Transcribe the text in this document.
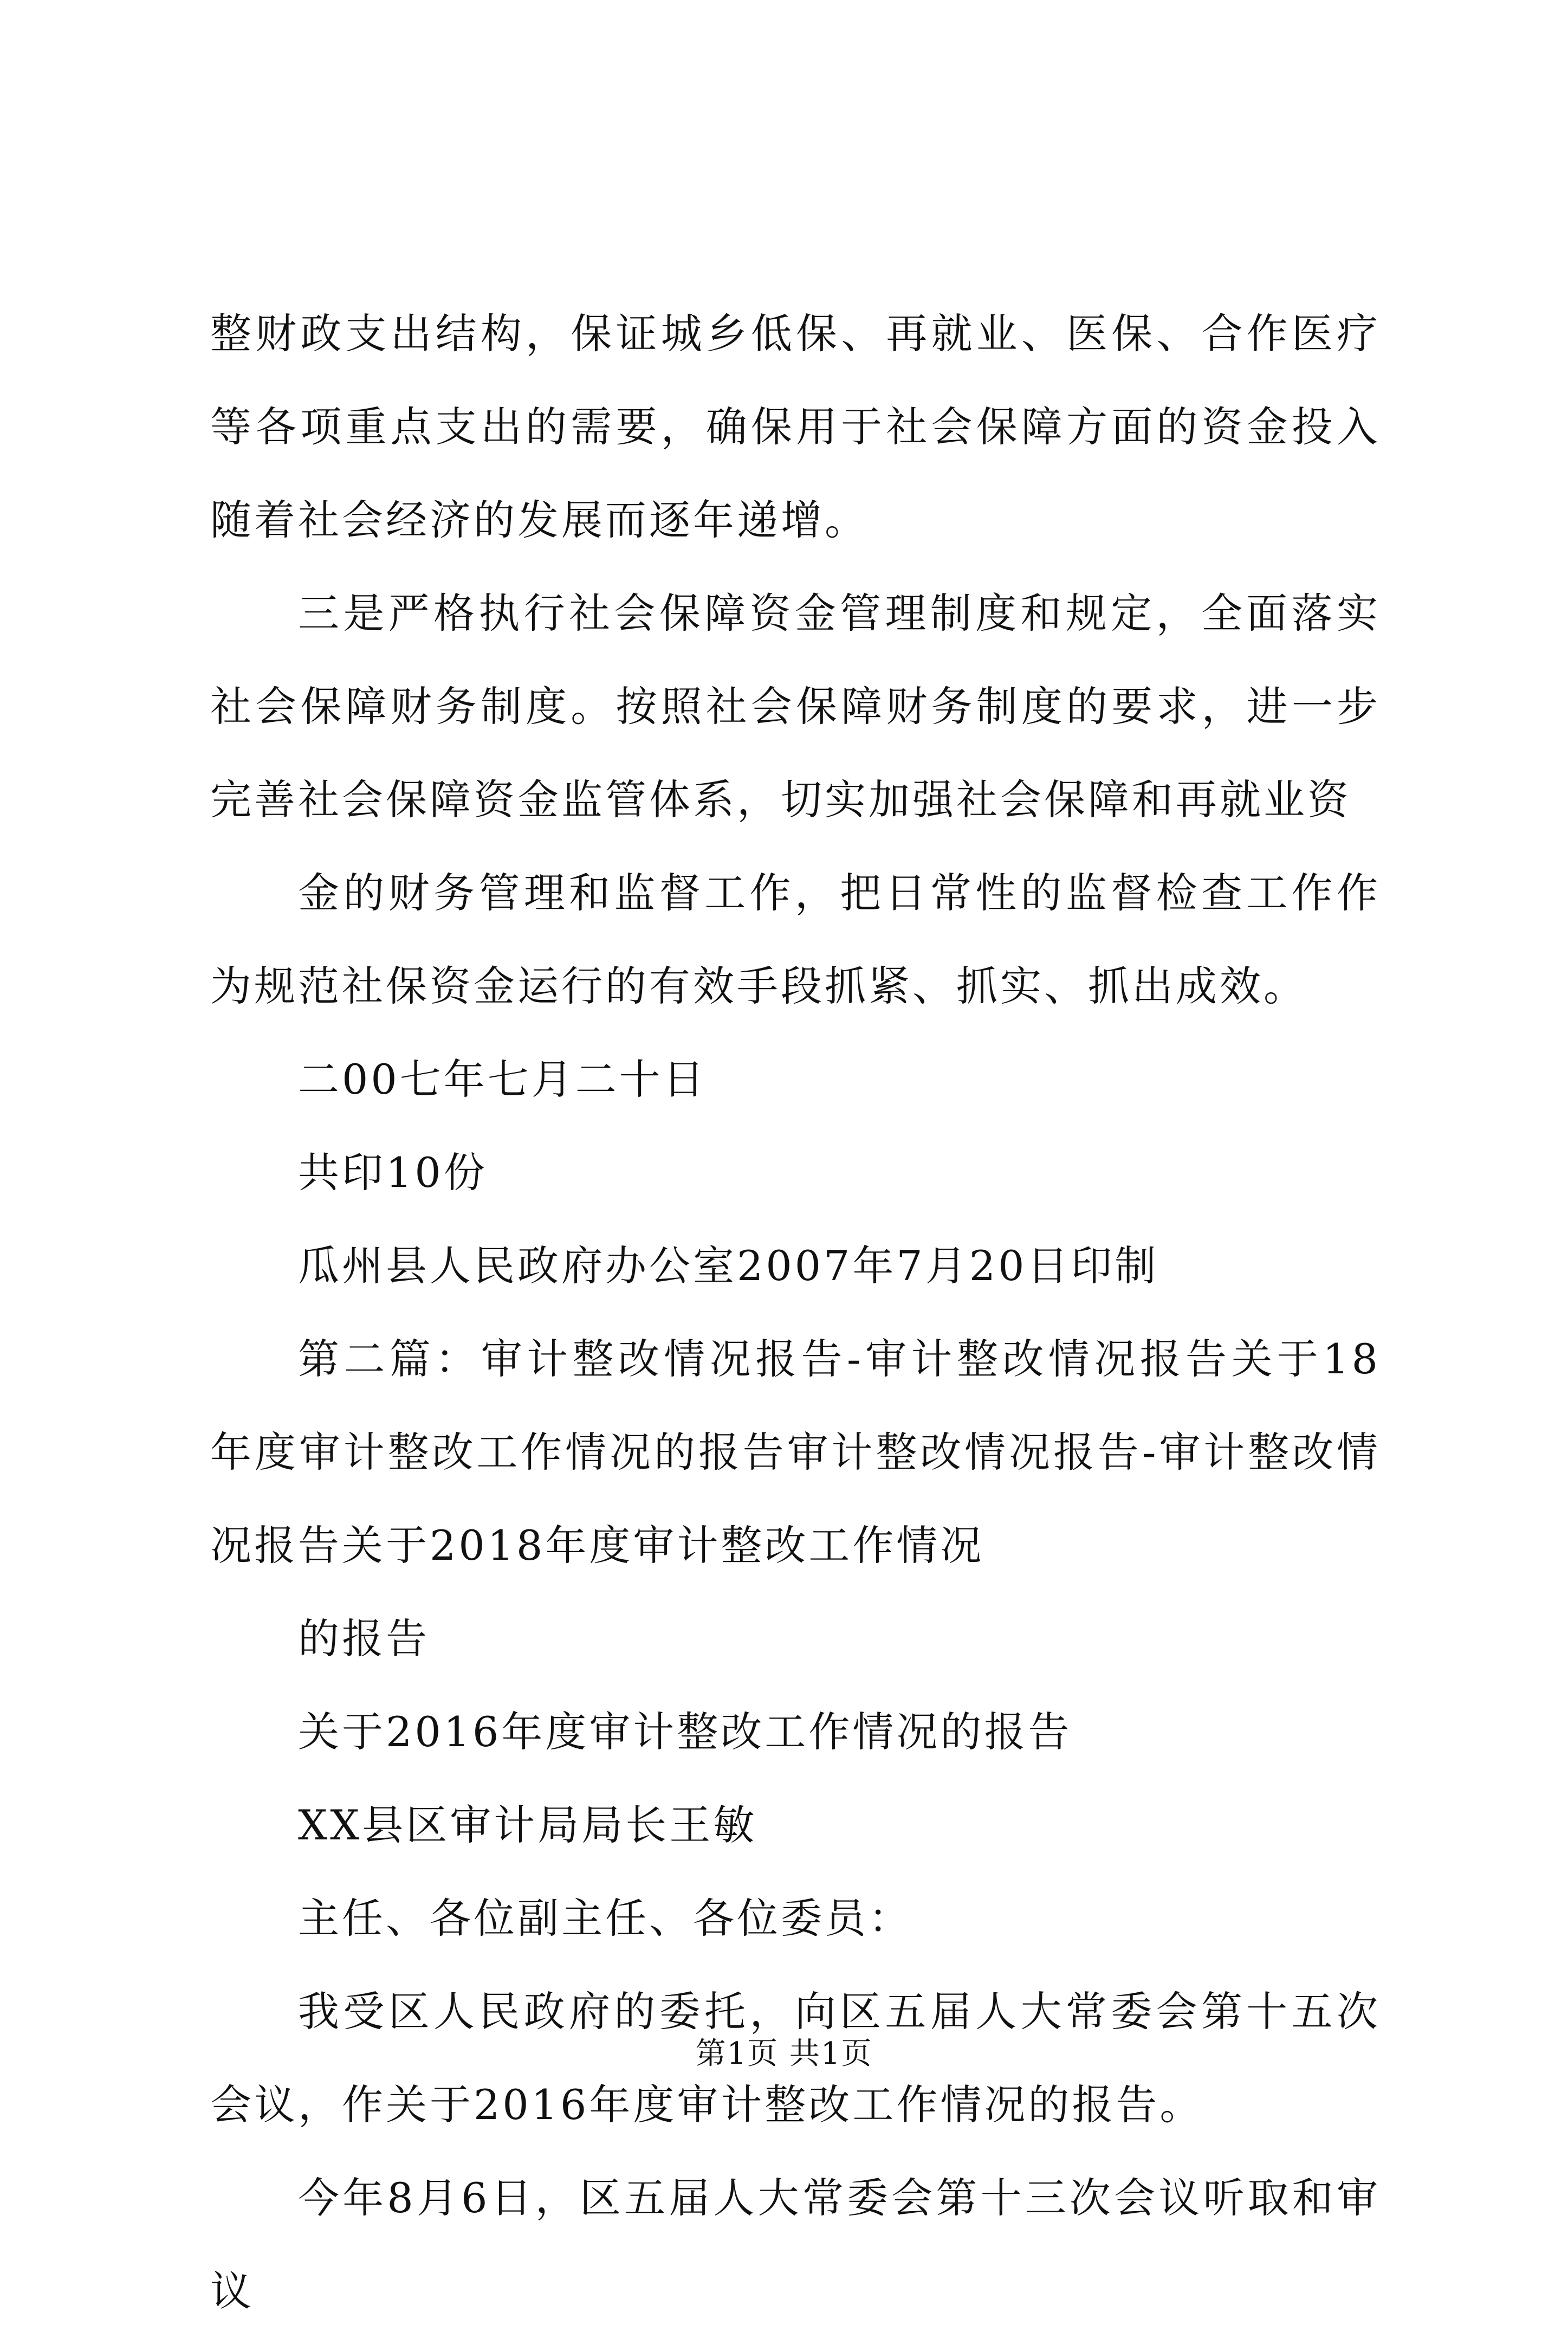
整财政支出结构，保证城乡低保、再就业、医保、合作医疗等各项重点支出的需要，确保用于社会保障方面的资金投入随着社会经济的发展而逐年递增。

三是严格执行社会保障资金管理制度和规定，全面落实社会保障财务制度。按照社会保障财务制度的要求，进一步完善社会保障资金监管体系，切实加强社会保障和再就业资

金的财务管理和监督工作，把日常性的监督检查工作作为规范社保资金运行的有效手段抓紧、抓实、抓出成效。

二00七年七月二十日

共印10份

瓜州县人民政府办公室2007年7月20日印制

第二篇：审计整改情况报告-审计整改情况报告关于18年度审计整改工作情况的报告审计整改情况报告-审计整改情况报告关于2018年度审计整改工作情况

的报告

关于2016年度审计整改工作情况的报告

XX县区审计局局长王敏

主任、各位副主任、各位委员：

我受区人民政府的委托，向区五届人大常委会第十五次会议，作关于2016年度审计整改工作情况的报告。

今年8月6日，区五届人大常委会第十三次会议听取和审议

第1页 共1页
